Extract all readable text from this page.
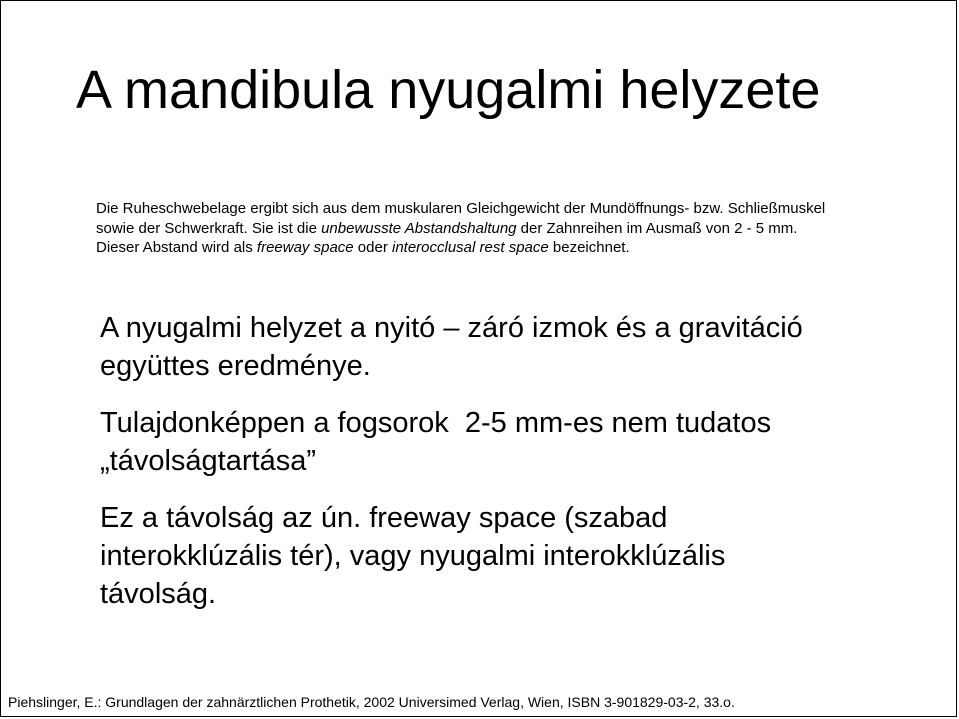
A mandibula nyugalmi helyzete

Die Ruheschwebelage ergibt sich aus dem muskularen Gleichgewicht der Mundöffnungs- bzw. Schließmuskel

sowie der Schwerkraft. Sie ist die unbewusste Abstandshaltung der Zahnreihen im Ausmaß von 2 - 5 mm.

Dieser Abstand wird als freeway space oder interocclusal rest space bezeichnet.

A nyugalmi helyzet a nyitó – záró izmok és a gravitáció
együttes eredménye.

Tulajdonképpen a fogsorok  2-5 mm-es nem tudatos
„távolságtartása”

Ez a távolság az ún. freeway space (szabad
interokklúzális tér), vagy nyugalmi interokklúzális
távolság.

Piehslinger, E.: Grundlagen der zahnärztlichen Prothetik, 2002 Universimed Verlag, Wien, ISBN 3-901829-03-2, 33.o.
